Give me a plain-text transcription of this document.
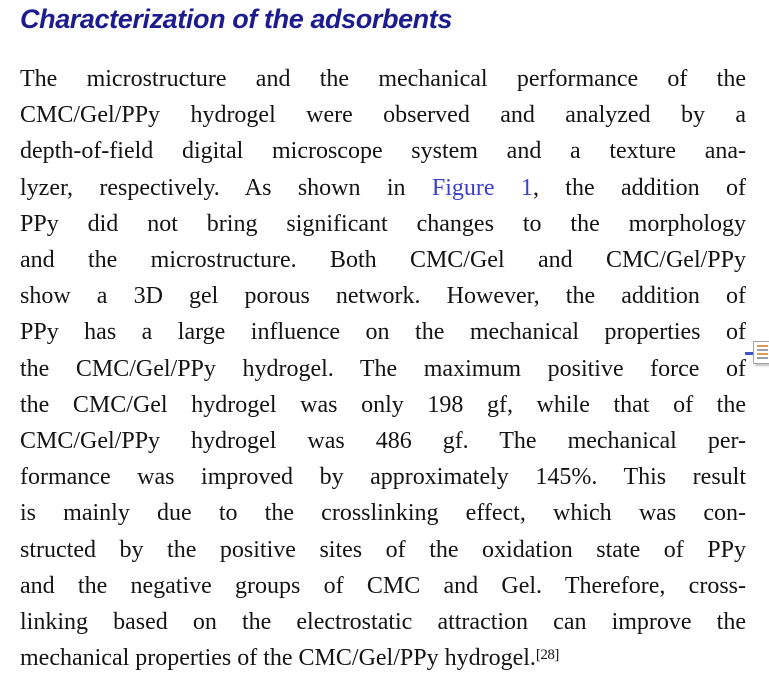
Characterization of the adsorbents
The microstructure and the mechanical performance of the
CMC/Gel/PPy hydrogel were observed and analyzed by a
depth-of-field digital microscope system and a texture ana-
lyzer, respectively. As shown in Figure 1, the addition of
PPy did not bring significant changes to the morphology
and the microstructure. Both CMC/Gel and CMC/Gel/PPy
show a 3D gel porous network. However, the addition of
PPy has a large influence on the mechanical properties of
the CMC/Gel/PPy hydrogel. The maximum positive force of
the CMC/Gel hydrogel was only 198 gf, while that of the
CMC/Gel/PPy hydrogel was 486 gf. The mechanical per-
formance was improved by approximately 145%. This result
is mainly due to the crosslinking effect, which was con-
structed by the positive sites of the oxidation state of PPy
and the negative groups of CMC and Gel. Therefore, cross-
linking based on the electrostatic attraction can improve the
mechanical properties of the CMC/Gel/PPy hydrogel.[28]
